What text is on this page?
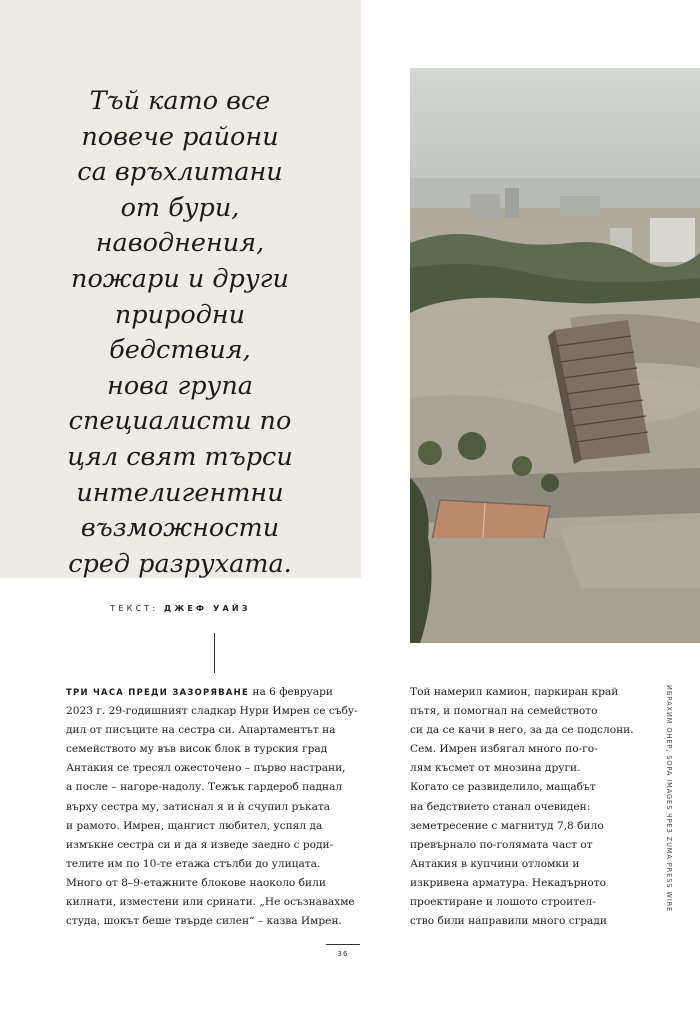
Тъй като все
повече райони
са връхлитани
от бури,
наводнения,
пожари и други
природни
бедствия,
нова група
специалисти по
цял свят търси
интелигентни
възможности
сред разрухата.

ТЕКСТ: ДЖЕФ УАЙЗ
ИБРАХИМ ОНЕР, SOPA IMAGES ЧРЕЗ ZUMA PRESS WIRE

ТРИ ЧАСА ПРЕДИ ЗАЗОРЯВАНЕ на 6 февруари
2023 г. 29-годишният сладкар Нури Имрен се събу-
дил от писъците на сестра си. Апартаментът на
семейството му във висок блок в турския град
Антакия се тресял ожесточено – първо настрани,
а после – нагоре-надолу. Тежък гардероб паднал
върху сестра му, затиснал я и ѝ счупил ръката
и рамото. Имрен, щангист любител, успял да
измъкне сестра си и да я изведе заедно с роди-
телите им по 10-те етажа стълби до улицата.
Много от 8–9-етажните блокове наоколо били
килнати, изместени или сринати. „Не осъзнавахме
студа, шокът беше твърде силен“ – казва Имрен.

Той намерил камион, паркиран край
пътя, и помогнал на семейството
си да се качи в него, за да се подслони.
Сем. Имрен избягал много по-го-
лям късмет от мнозина други.
Когато се развиделило, мащабът
на бедствието станал очевиден:
земетресение с магнитуд 7,8 било
превърнало по-голямата част от
Антакия в купчини отломки и
изкривена арматура. Некадърното
проектиране и лошото строител-
ство били направили много сгради

36
